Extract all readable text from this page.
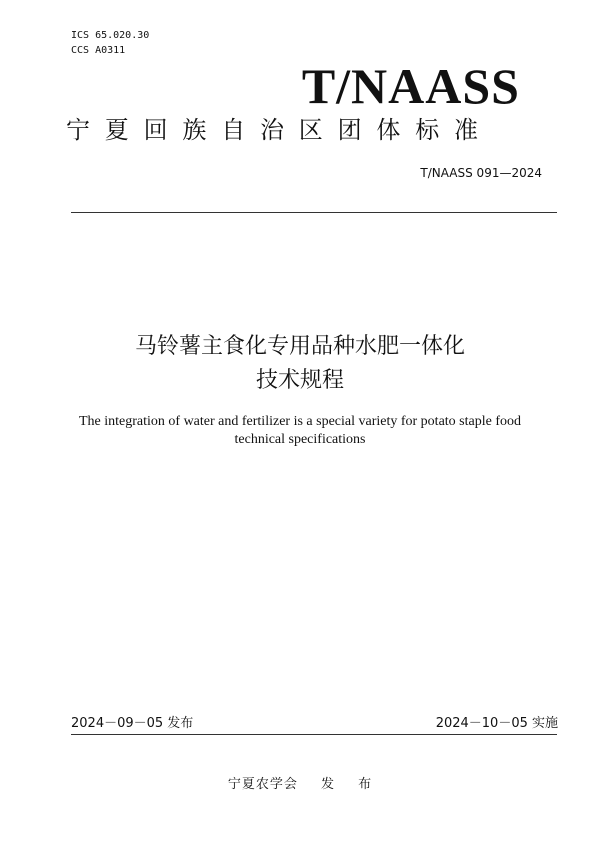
ICS 65.020.30
CCS A0311
T/NAASS
宁夏回族自治区团体标准
T/NAASS 091—2024
马铃薯主食化专用品种水肥一体化
技术规程
The integration of water and fertilizer is a special variety for potato staple food
technical specifications
2024－09－05 发布	2024－10－05 实施
宁夏农学会 发 布
